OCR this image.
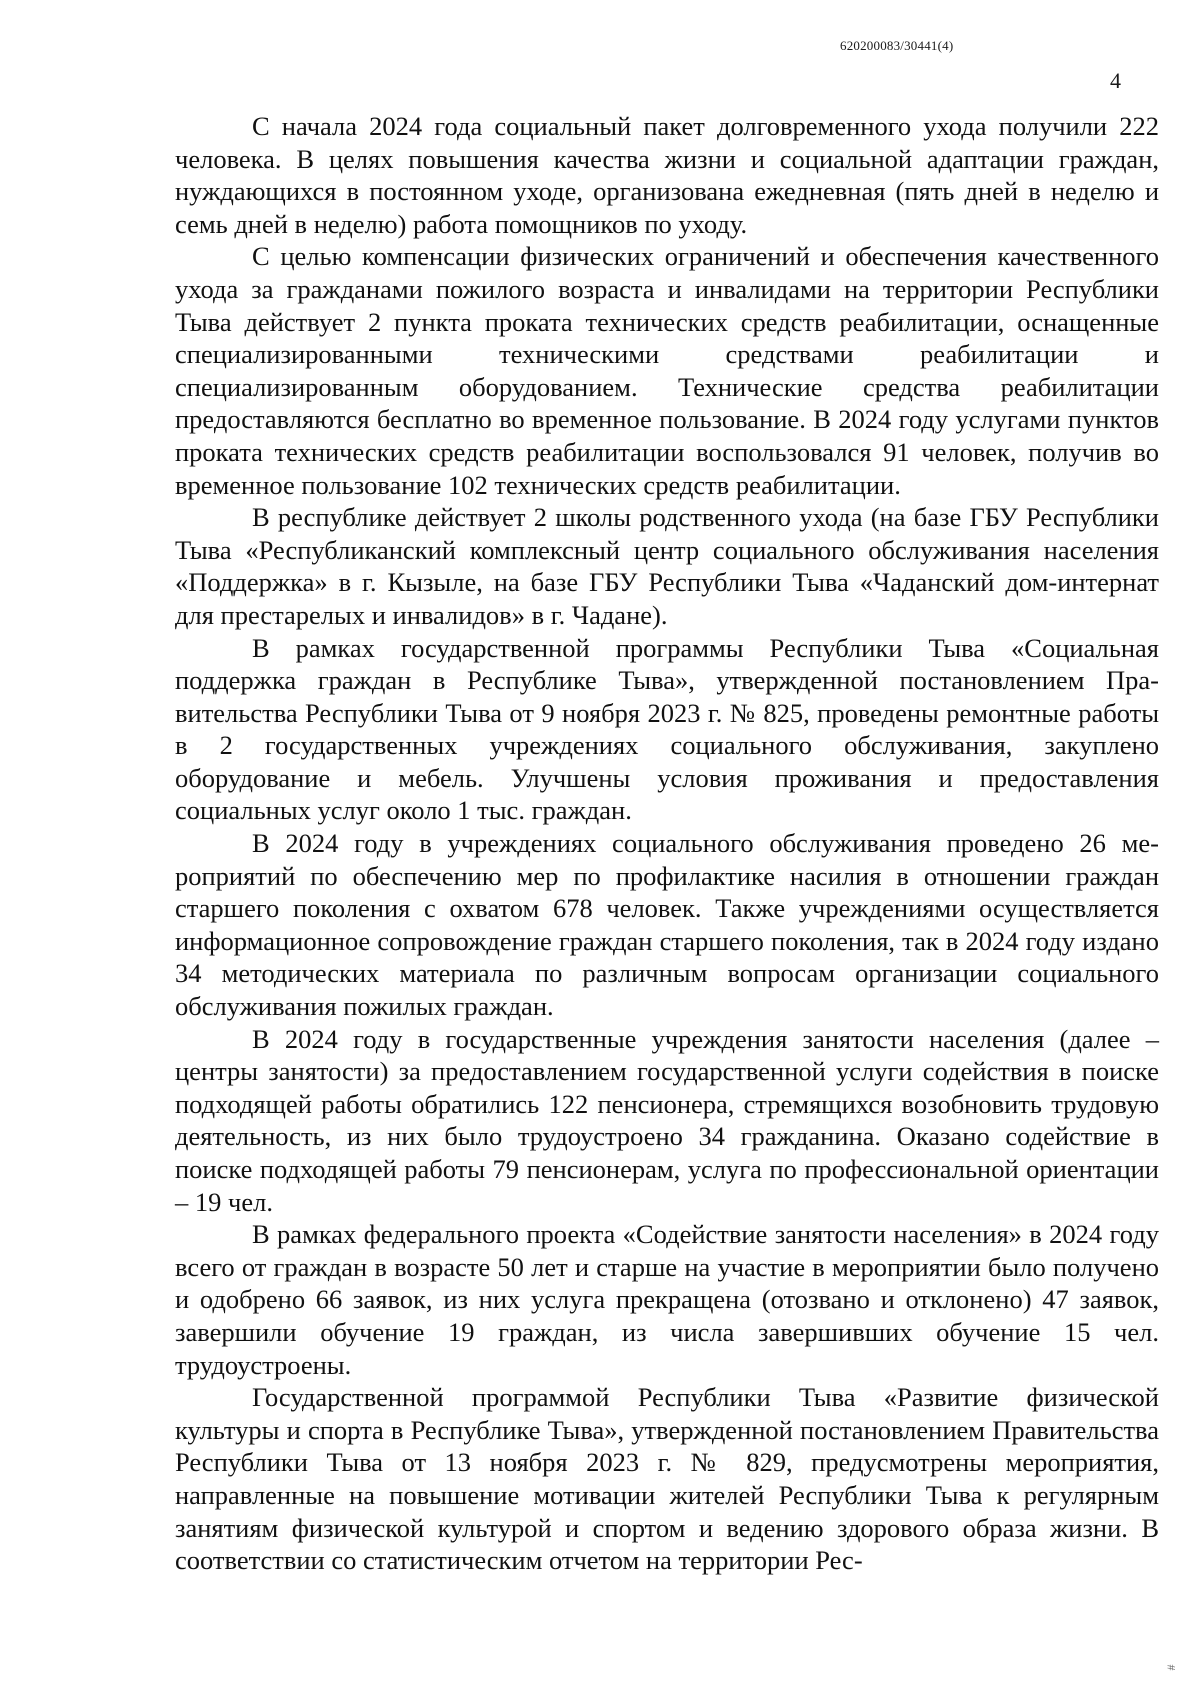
620200083/30441(4)
4

С начала 2024 года социальный пакет долговременного ухода получили 222 человека. В целях повышения качества жизни и социальной адаптации граждан, нуждающихся в постоянном уходе, организована ежедневная (пять дней в неделю и семь дней в неделю) работа помощников по уходу.

С целью компенсации физических ограничений и обеспечения качественного ухода за гражданами пожилого возраста и инвалидами на территории Республики Тыва действует 2 пункта проката технических средств реабилитации, оснащенные специализированными техническими средствами реабилитации и специализированным оборудованием. Технические средства реабилитации предоставляются бесплатно во временное пользование. В 2024 году услугами пунктов проката технических средств реабилитации воспользовался 91 человек, получив во временное пользование 102 технических средств реабилитации.

В республике действует 2 школы родственного ухода (на базе ГБУ Республики Тыва «Республиканский комплексный центр социального обслуживания населения «Поддержка» в г. Кызыле, на базе ГБУ Республики Тыва «Чаданский дом-интернат для престарелых и инвалидов» в г. Чадане).

В рамках государственной программы Республики Тыва «Социальная поддержка граждан в Республике Тыва», утвержденной постановлением Правительства Республики Тыва от 9 ноября 2023 г. № 825, проведены ремонтные работы в 2 государственных учреждениях социального обслуживания, закуплено оборудование и мебель. Улучшены условия проживания и предоставления социальных услуг около 1 тыс. граждан.

В 2024 году в учреждениях социального обслуживания проведено 26 мероприятий по обеспечению мер по профилактике насилия в отношении граждан старшего поколения с охватом 678 человек. Также учреждениями осуществляется информационное сопровождение граждан старшего поколения, так в 2024 году издано 34 методических материала по различным вопросам организации социального обслуживания пожилых граждан.

В 2024 году в государственные учреждения занятости населения (далее – центры занятости) за предоставлением государственной услуги содействия в поиске подходящей работы обратились 122 пенсионера, стремящихся возобновить трудовую деятельность, из них было трудоустроено 34 гражданина. Оказано содействие в поиске подходящей работы 79 пенсионерам, услуга по профессиональной ориентации – 19 чел.

В рамках федерального проекта «Содействие занятости населения» в 2024 году всего от граждан в возрасте 50 лет и старше на участие в мероприятии было получено и одобрено 66 заявок, из них услуга прекращена (отозвано и отклонено) 47 заявок, завершили обучение 19 граждан, из числа завершивших обучение 15 чел. трудоустроены.

Государственной программой Республики Тыва «Развитие физической культуры и спорта в Республике Тыва», утвержденной постановлением Правительства Республики Тыва от 13 ноября 2023 г. № 829, предусмотрены мероприятия, направленные на повышение мотивации жителей Республики Тыва к регулярным занятиям физической культурой и спортом и ведению здорового образа жизни. В соответствии со статистическим отчетом на территории Рес-

#
